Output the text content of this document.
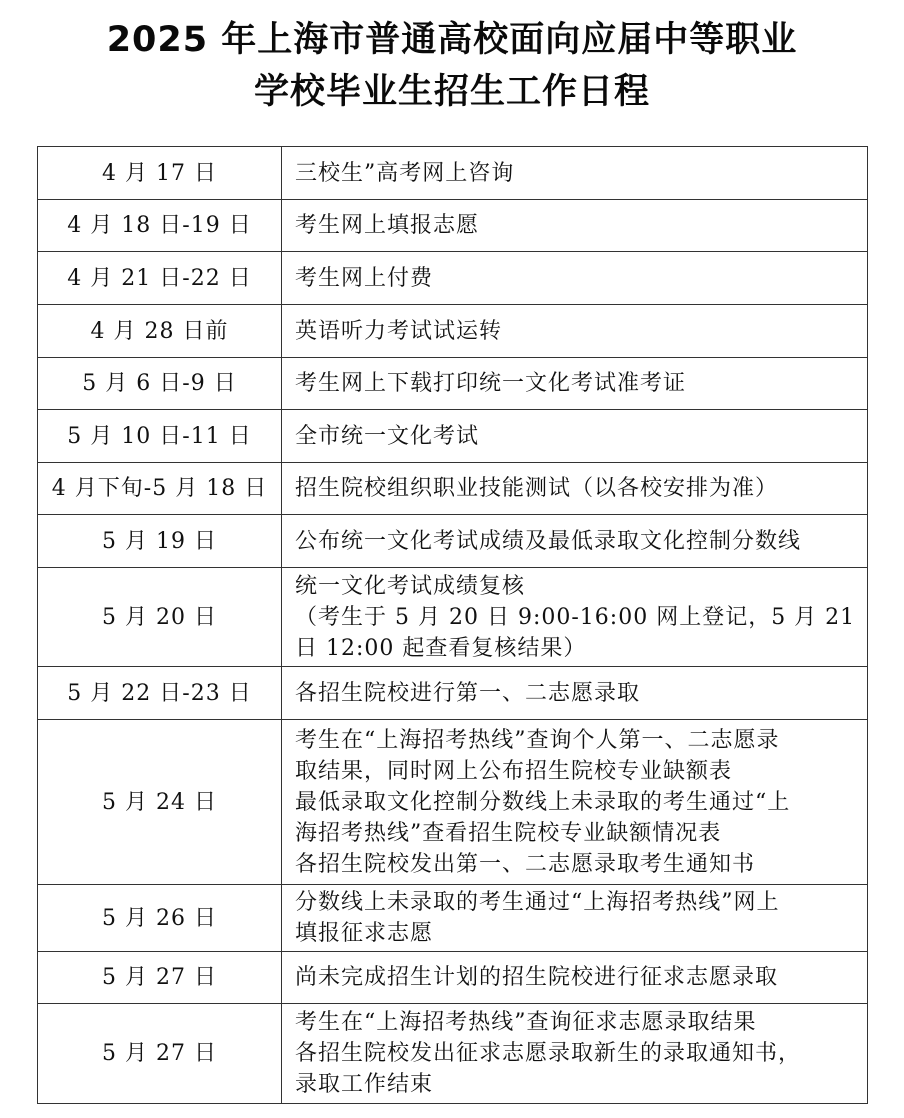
2025 年上海市普通高校面向应届中等职业
学校毕业生招生工作日程
4 月 17 日	三校生”高考网上咨询

4 月 18 日-19 日	考生网上填报志愿

4 月 21 日-22 日	考生网上付费

4 月 28 日前	英语听力考试试运转

5 月 6 日-9 日	考生网上下载打印统一文化考试准考证

5 月 10 日-11 日	全市统一文化考试

4 月下旬-5 月 18 日	招生院校组织职业技能测试（以各校安排为准）

5 月 19 日	公布统一文化考试成绩及最低录取文化控制分数线

5 月 20 日	统一文化考试成绩复核
（考生于 5 月 20 日 9:00-16:00 网上登记，5 月 21
日 12:00 起查看复核结果）

5 月 22 日-23 日	各招生院校进行第一、二志愿录取

5 月 24 日	考生在“上海招考热线”查询个人第一、二志愿录
取结果，同时网上公布招生院校专业缺额表
最低录取文化控制分数线上未录取的考生通过“上
海招考热线”查看招生院校专业缺额情况表
各招生院校发出第一、二志愿录取考生通知书

5 月 26 日	分数线上未录取的考生通过“上海招考热线”网上
填报征求志愿

5 月 27 日	尚未完成招生计划的招生院校进行征求志愿录取

5 月 27 日	考生在“上海招考热线”查询征求志愿录取结果
各招生院校发出征求志愿录取新生的录取通知书，
录取工作结束
